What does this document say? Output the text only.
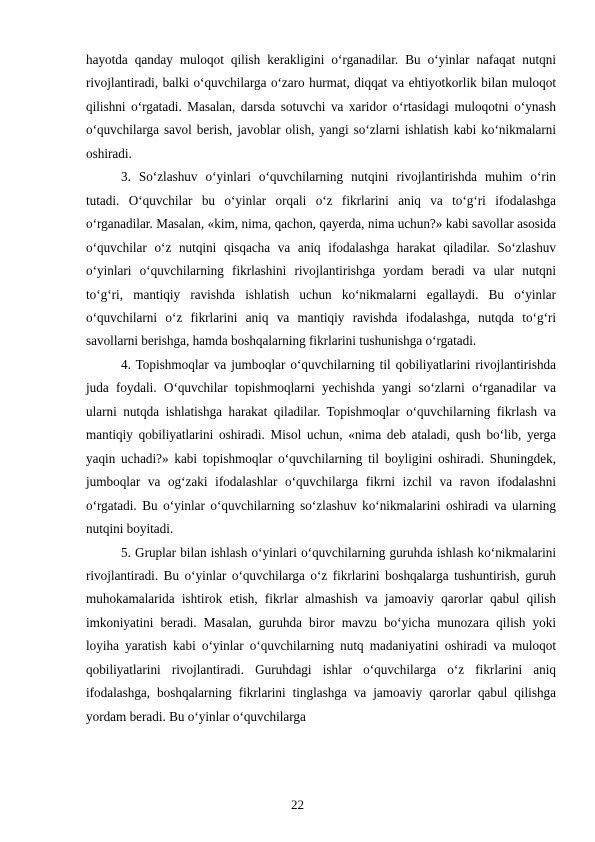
hayotda qanday muloqot qilish kerakligini oʻrganadilar. Bu oʻyinlar nafaqat nutqni rivojlantiradi, balki oʻquvchilarga oʻzaro hurmat, diqqat va ehtiyotkorlik bilan muloqot qilishni oʻrgatadi. Masalan, darsda sotuvchi va xaridor oʻrtasidagi muloqotni oʻynash oʻquvchilarga savol berish, javoblar olish, yangi soʻzlarni ishlatish kabi koʻnikmalarni oshiradi.

3. Soʻzlashuv oʻyinlari oʻquvchilarning nutqini rivojlantirishda muhim oʻrin tutadi. Oʻquvchilar bu oʻyinlar orqali oʻz fikrlarini aniq va toʻgʻri ifodalashga oʻrganadilar. Masalan, «kim, nima, qachon, qayerda, nima uchun?» kabi savollar asosida oʻquvchilar oʻz nutqini qisqacha va aniq ifodalashga harakat qiladilar. Soʻzlashuv oʻyinlari oʻquvchilarning fikrlashini rivojlantirishga yordam beradi va ular nutqni toʻgʻri, mantiqiy ravishda ishlatish uchun koʻnikmalarni egallaydi. Bu oʻyinlar oʻquvchilarni oʻz fikrlarini aniq va mantiqiy ravishda ifodalashga, nutqda toʻgʻri savollarni berishga, hamda boshqalarning fikrlarini tushunishga oʻrgatadi.

4. Topishmoqlar va jumboqlar oʻquvchilarning til qobiliyatlarini rivojlantirishda juda foydali. Oʻquvchilar topishmoqlarni yechishda yangi soʻzlarni oʻrganadilar va ularni nutqda ishlatishga harakat qiladilar. Topishmoqlar oʻquvchilarning fikrlash va mantiqiy qobiliyatlarini oshiradi. Misol uchun, «nima deb ataladi, qush boʻlib, yerga yaqin uchadi?» kabi topishmoqlar oʻquvchilarning til boyligini oshiradi. Shuningdek, jumboqlar va ogʻzaki ifodalashlar oʻquvchilarga fikrni izchil va ravon ifodalashni oʻrgatadi. Bu oʻyinlar oʻquvchilarning soʻzlashuv koʻnikmalarini oshiradi va ularning nutqini boyitadi.

5. Gruplar bilan ishlash oʻyinlari oʻquvchilarning guruhda ishlash koʻnikmalarini rivojlantiradi. Bu oʻyinlar oʻquvchilarga oʻz fikrlarini boshqalarga tushuntirish, guruh muhokamalarida ishtirok etish, fikrlar almashish va jamoaviy qarorlar qabul qilish imkoniyatini beradi. Masalan, guruhda biror mavzu boʻyicha munozara qilish yoki loyiha yaratish kabi oʻyinlar oʻquvchilarning nutq madaniyatini oshiradi va muloqot qobiliyatlarini rivojlantiradi. Guruhdagi ishlar oʻquvchilarga oʻz fikrlarini aniq ifodalashga, boshqalarning fikrlarini tinglashga va jamoaviy qarorlar qabul qilishga yordam beradi. Bu oʻyinlar oʻquvchilarga

22
